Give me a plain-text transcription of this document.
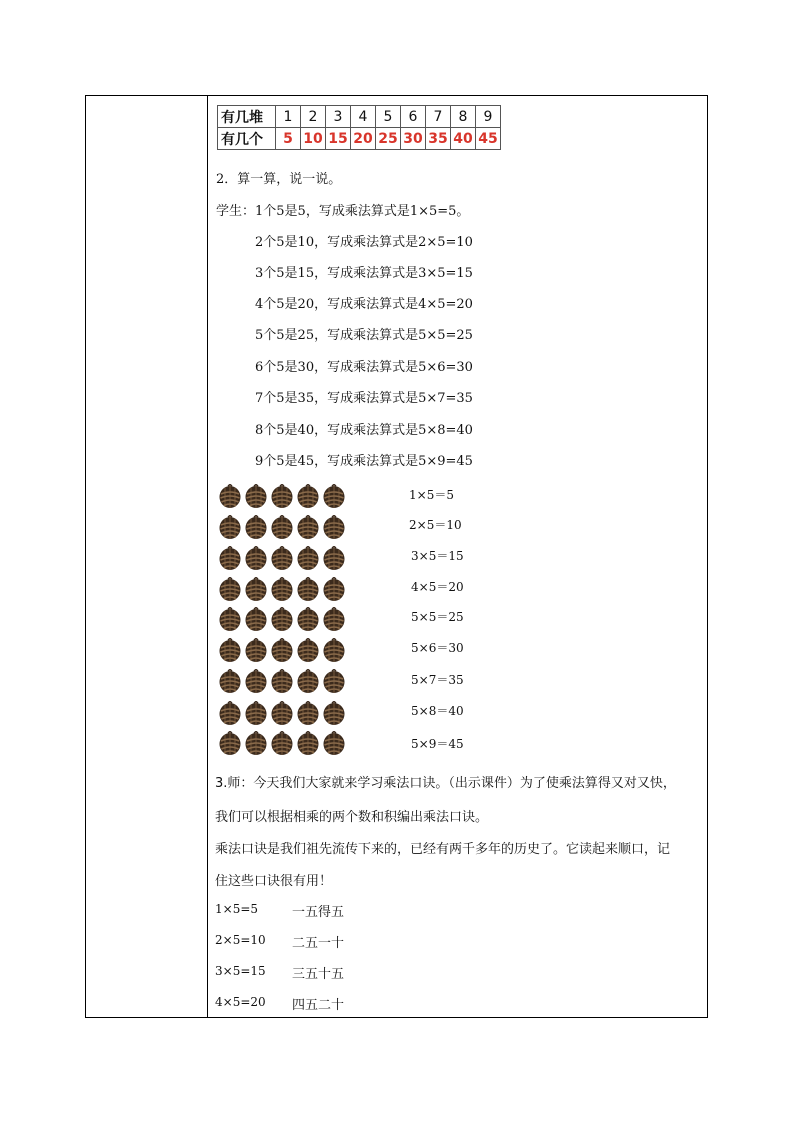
有几堆	1	2	3	4	5	6	7	8	9
有几个	5	10	15	20	25	30	35	40	45
2．算一算，说一说。
学生： 1个5是5，写成乘法算式是1×5=5。
2个5是10，写成乘法算式是2×5=10
3个5是15，写成乘法算式是3×5=15
4个5是20，写成乘法算式是4×5=20
5个5是25，写成乘法算式是5×5=25
6个5是30，写成乘法算式是5×6=30
7个5是35，写成乘法算式是5×7=35
8个5是40，写成乘法算式是5×8=40
9个5是45，写成乘法算式是5×9=45
1×5＝5
2×5＝10
3×5＝15
4×5＝20
5×5＝25
5×6＝30
5×7＝35
5×8＝40
5×9＝45
3.师：今天我们大家就来学习乘法口诀。（出示课件）为了使乘法算得又对又快，
我们可以根据相乘的两个数和积编出乘法口诀。
乘法口诀是我们祖先流传下来的，已经有两千多年的历史了。它读起来顺口，记
住这些口诀很有用！
1×5=5	一五得五
2×5=10 二五一十
3×5=15 三五十五
4×5=20 四五二十
